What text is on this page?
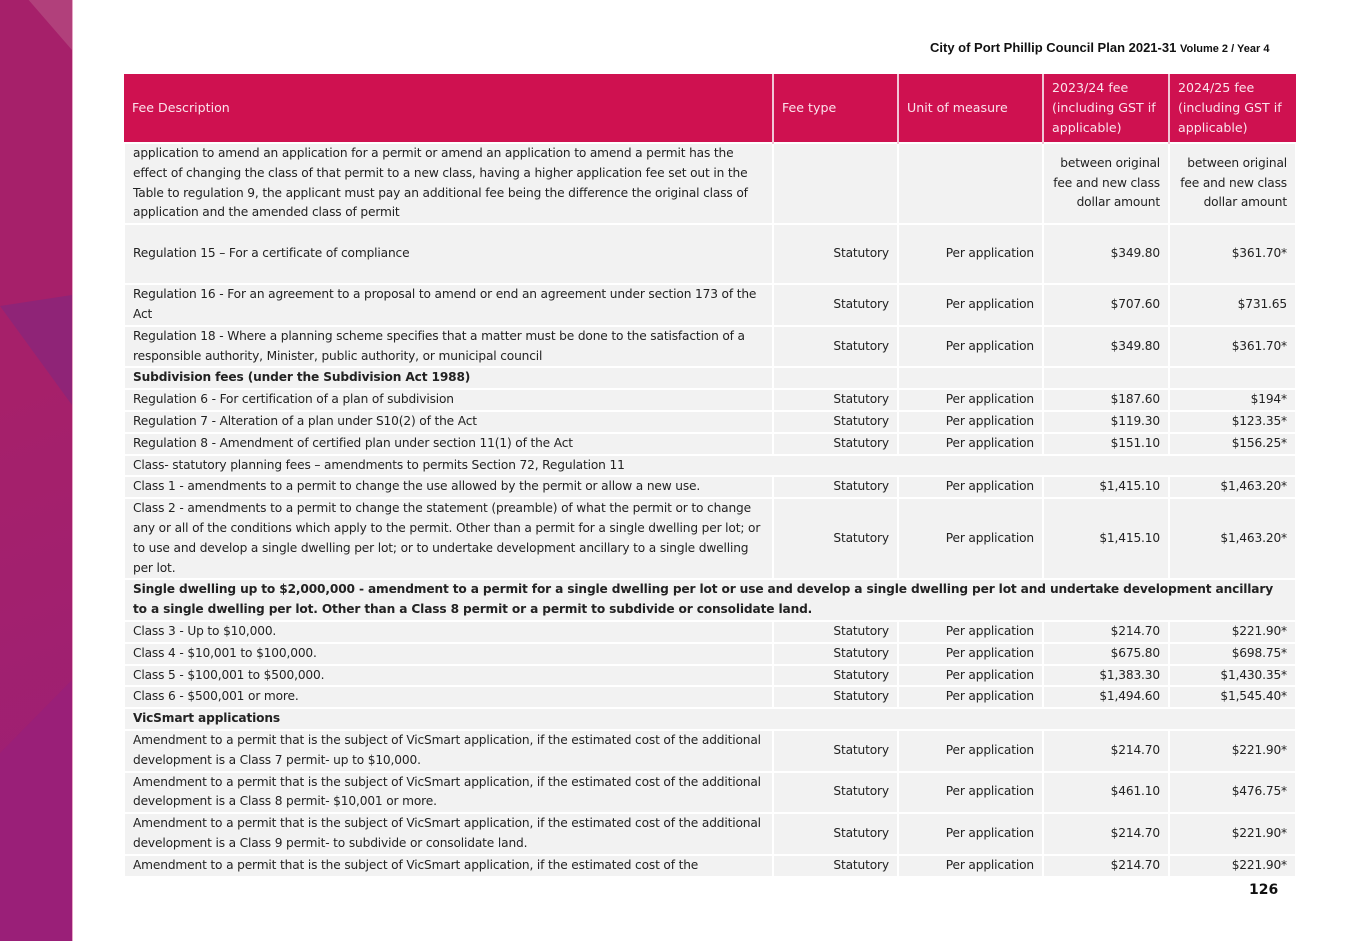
City of Port Phillip Council Plan 2021-31 Volume 2 / Year 4
Fee Description	Fee type	Unit of measure	2023/24 fee (including GST if applicable)	2024/25 fee (including GST if applicable)
application to amend an application for a permit or amend an application to amend a permit has the effect of changing the class of that permit to a new class, having a higher application fee set out in the Table to regulation 9, the applicant must pay an additional fee being the difference the original class of application and the amended class of permit			between original fee and new class dollar amount	between original fee and new class dollar amount
Regulation 15 – For a certificate of compliance	Statutory	Per application	$349.80	$361.70*
Regulation 16 - For an agreement to a proposal to amend or end an agreement under section 173 of the Act	Statutory	Per application	$707.60	$731.65
Regulation 18 - Where a planning scheme specifies that a matter must be done to the satisfaction of a responsible authority, Minister, public authority, or municipal council	Statutory	Per application	$349.80	$361.70*
Subdivision fees (under the Subdivision Act 1988)				
Regulation 6 - For certification of a plan of subdivision	Statutory	Per application	$187.60	$194*
Regulation 7 - Alteration of a plan under S10(2) of the Act	Statutory	Per application	$119.30	$123.35*
Regulation 8 - Amendment of certified plan under section 11(1) of the Act	Statutory	Per application	$151.10	$156.25*
Class- statutory planning fees – amendments to permits Section 72, Regulation 11				
Class 1 - amendments to a permit to change the use allowed by the permit or allow a new use.	Statutory	Per application	$1,415.10	$1,463.20*
Class 2 - amendments to a permit to change the statement (preamble) of what the permit or to change any or all of the conditions which apply to the permit. Other than a permit for a single dwelling per lot; or to use and develop a single dwelling per lot; or to undertake development ancillary to a single dwelling per lot.	Statutory	Per application	$1,415.10	$1,463.20*
Single dwelling up to $2,000,000 - amendment to a permit for a single dwelling per lot or use and develop a single dwelling per lot and undertake development ancillary to a single dwelling per lot. Other than a Class 8 permit or a permit to subdivide or consolidate land.				
Class 3 - Up to $10,000.	Statutory	Per application	$214.70	$221.90*
Class 4 - $10,001 to $100,000.	Statutory	Per application	$675.80	$698.75*
Class 5 - $100,001 to $500,000.	Statutory	Per application	$1,383.30	$1,430.35*
Class 6 - $500,001 or more.	Statutory	Per application	$1,494.60	$1,545.40*
VicSmart applications				
Amendment to a permit that is the subject of VicSmart application, if the estimated cost of the additional development is a Class 7 permit- up to $10,000.	Statutory	Per application	$214.70	$221.90*
Amendment to a permit that is the subject of VicSmart application, if the estimated cost of the additional development is a Class 8 permit- $10,001 or more.	Statutory	Per application	$461.10	$476.75*
Amendment to a permit that is the subject of VicSmart application, if the estimated cost of the additional development is a Class 9 permit- to subdivide or consolidate land.	Statutory	Per application	$214.70	$221.90*
Amendment to a permit that is the subject of VicSmart application, if the estimated cost of the	Statutory	Per application	$214.70	$221.90*
126
